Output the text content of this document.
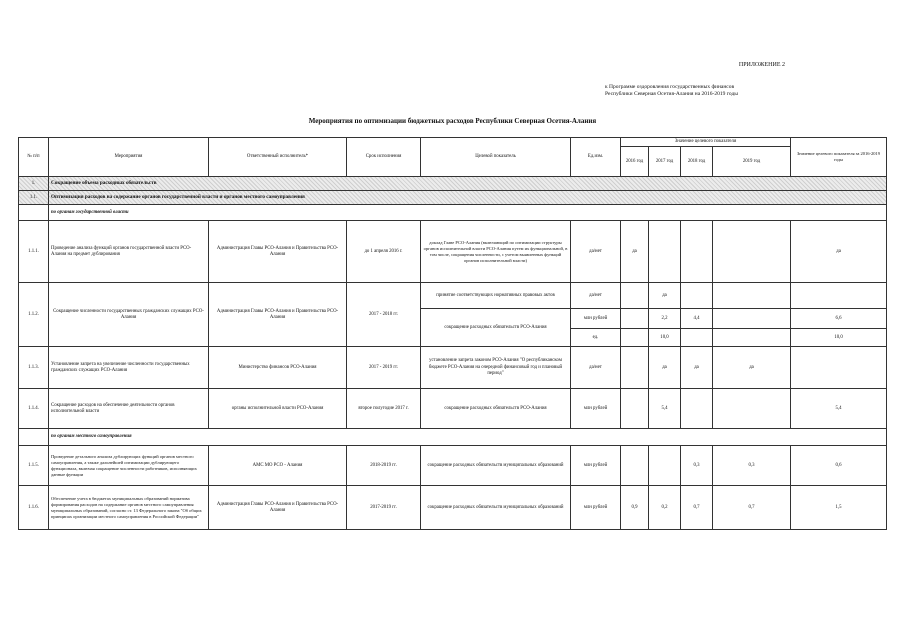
ПРИЛОЖЕНИЕ 2
к Программе оздоровления государственных финансов
Республики Северная Осетия-Алания на 2016-2019 годы
Мероприятия по оптимизации бюджетных расходов Республики Северная Осетия-Алания
№ п/п	Мероприятия	Ответственный исполнитель*	Срок исполнения	Целевой показатель	Ед.изм.	Значение целевого показателя				Значение целевого показателя за 2016-2019 годы
						2016 год	2017 год	2018 год	2019 год	
1.	Сокращение объема расходных обязательств									
1.1.	Оптимизация расходов на содержание органов государственной власти и органов местного самоуправления									
	по органам государственной власти									
1.1.1.	Проведение анализа функций органов государственной власти РСО-Алания на предмет дублирования	Администрация Главы РСО-Алания и Правительства РСО-Алания	до 1 апреля 2016 г.	доклад Главе РСО-Алания (включающий по оптимизации структуры органов исполнительной власти РСО-Алания путем их функциональной, в том числе, сокращения численности, с учетом выявленных функций органов исполнительной власти)	да/нет	да				да
1.1.2.	Сокращение численности государственных гражданских служащих РСО-Алания	Администрация Главы РСО-Алания и Правительства РСО-Алания	2017 - 2018 гг.	принятие соответствующих нормативных правовых актов	да/нет		да			
				сокращение расходных обязательств РСО-Алания	млн рублей		2,2	4,4		6,6
					ед.		10,0			10,0
1.1.3.	Установление запрета на увеличение численности государственных гражданских служащих РСО-Алания	Министерство финансов РСО-Алания	2017 - 2019 гг.	установление запрета законом РСО-Алания "О республиканском бюджете РСО-Алания на очередной финансовый год и плановый период"	да/нет		да	да	да	
1.1.4.	Сокращение расходов на обеспечение деятельности органов исполнительной власти	органы исполнительной власти РСО-Алания	второе полугодие 2017 г.	сокращение расходных обязательств РСО-Алания	млн рублей		5,4			5,4
	по органам местного самоуправления									
1.1.5.	Проведение детального анализа дублирующих функций органов местного самоуправления, а также дальнейшей оптимизации дублирующего функционала, включая сокращение численности работников, исполняющих данные функции	АМС МО РСО - Алания	2018-2019 гг.	сокращение расходных обязательств муниципальных образований	млн рублей			0,3	0,3	0,6
1.1.6.	Обеспечение учета в бюджетах муниципальных образований норматива формирования расходов на содержание органов местного самоуправления муниципальных образований, согласно ст. 13 Федерального закона "Об общих принципах организации местного самоуправления в Российской Федерации"	Администрация Главы РСО-Алания и Правительства РСО-Алания	2017-2019 гг.	сокращение расходных обязательств муниципальных образований	млн рублей	0,9	0,2	0,7	0,7	1,5
